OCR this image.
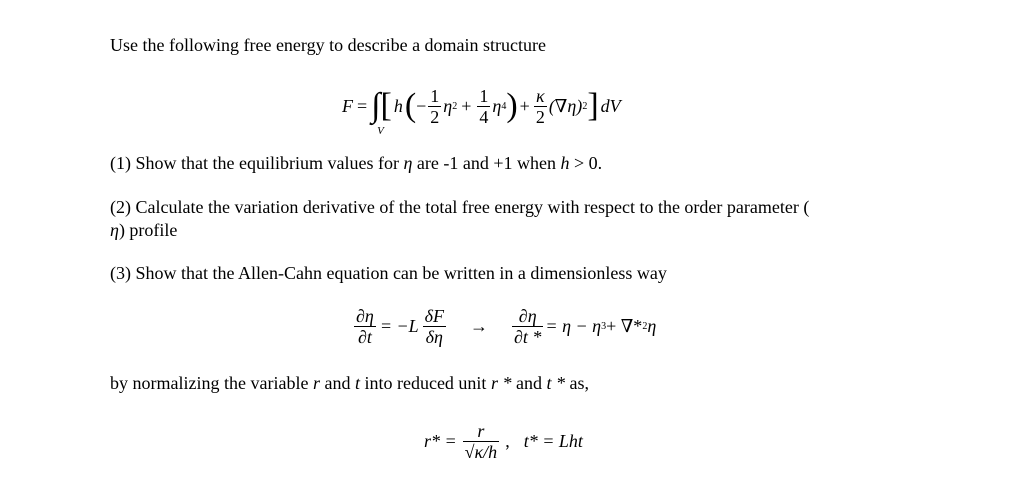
Use the following free energy to describe a domain structure
F = ∫
V
[ h ( − $\frac{1}{2}$ η $2 + \frac{1}{4}$ η 4 ) + $\frac{\kappa}{2} (\nabla\eta)$ 2 ] dV
(1) Show that the equilibrium values for η are -1 and +1 when h > 0.
(2) Calculate the variation derivative of the total free energy with respect to the order parameter (
η) profile
(3) Show that the Allen-Cahn equation can be written in a dimensionless way
$\frac{\partial\eta}{\partial t} = -L \frac{\delta F}{\delta\eta} \to \frac{\partial\eta}{\partial t *} = \eta - \eta$ 3 + ∇* 2 η
by normalizing the variable r and t into reduced unit r * and t * as,
$r* = \frac{r}{√\kappa/h}$ , t* = Lht
